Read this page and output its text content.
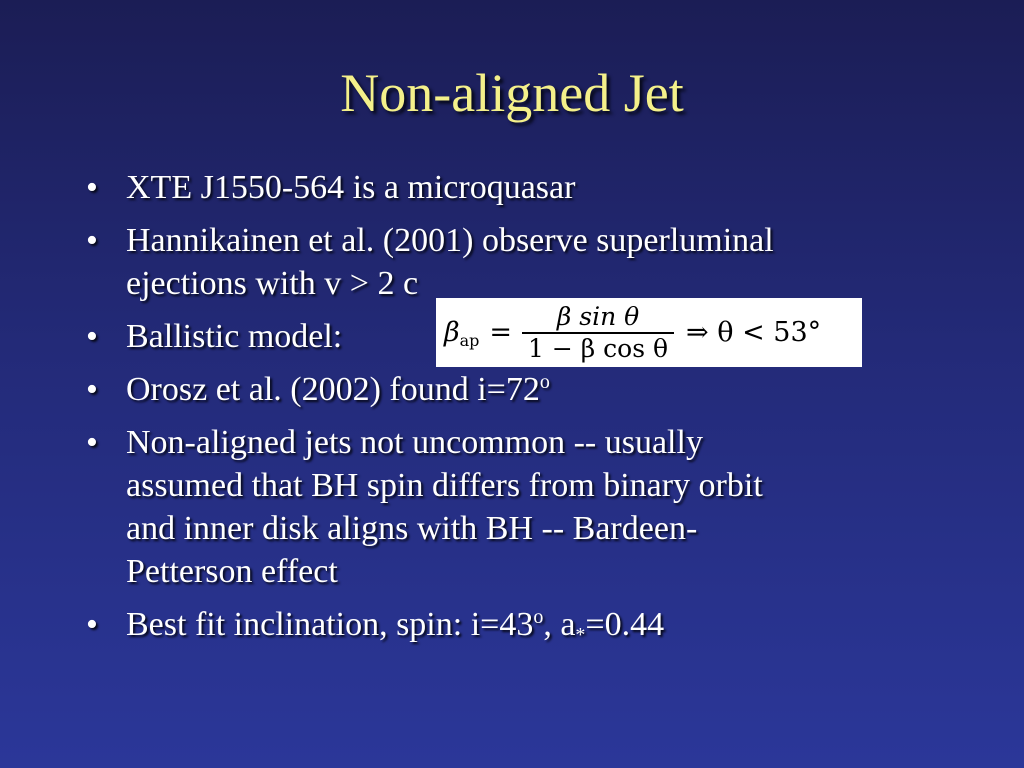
Non-aligned Jet
• XTE J1550-564 is a microquasar
• Hannikainen et al. (2001) observe superluminal
ejections with v > 2 c
• Ballistic model:
• Orosz et al. (2002) found $i=72^o$
• Non-aligned jets not uncommon -- usually
assumed that BH spin differs from binary orbit
and inner disk aligns with BH -- Bardeen-
Petterson effect
• Best fit inclination, spin: $i=43^o$, $a_*=0.44$
$\beta_{ap} = \frac{\text{β sin θ}}{\text{1 − β cos θ}}$ ⇒ θ < 53°
